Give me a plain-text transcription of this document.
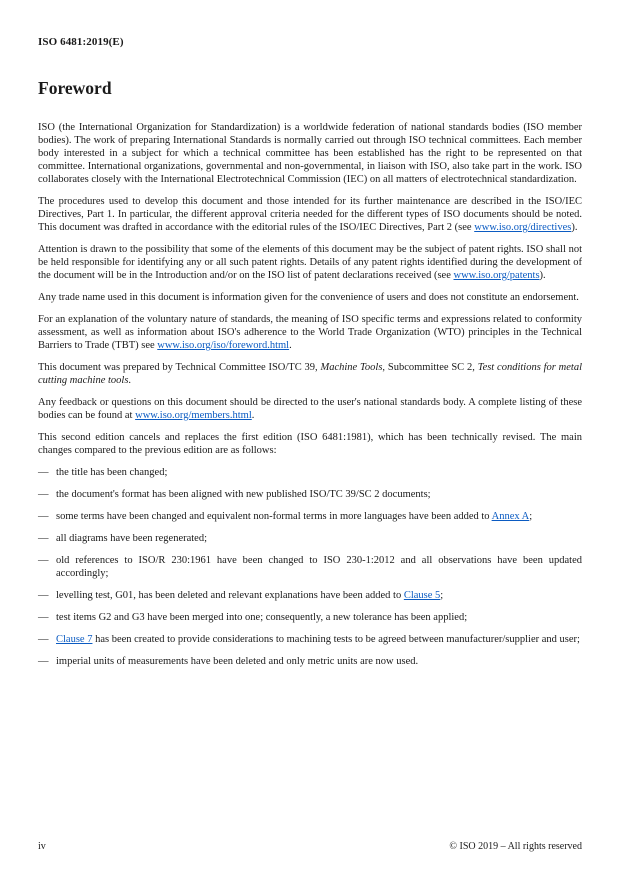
ISO 6481:2019(E)
Foreword

ISO (the International Organization for Standardization) is a worldwide federation of national standards bodies (ISO member bodies). The work of preparing International Standards is normally carried out through ISO technical committees. Each member body interested in a subject for which a technical committee has been established has the right to be represented on that committee. International organizations, governmental and non-governmental, in liaison with ISO, also take part in the work. ISO collaborates closely with the International Electrotechnical Commission (IEC) on all matters of electrotechnical standardization.

The procedures used to develop this document and those intended for its further maintenance are described in the ISO/IEC Directives, Part 1. In particular, the different approval criteria needed for the different types of ISO documents should be noted. This document was drafted in accordance with the editorial rules of the ISO/IEC Directives, Part 2 (see www.iso.org/directives).

Attention is drawn to the possibility that some of the elements of this document may be the subject of patent rights. ISO shall not be held responsible for identifying any or all such patent rights. Details of any patent rights identified during the development of the document will be in the Introduction and/or on the ISO list of patent declarations received (see www.iso.org/patents).

Any trade name used in this document is information given for the convenience of users and does not constitute an endorsement.

For an explanation of the voluntary nature of standards, the meaning of ISO specific terms and expressions related to conformity assessment, as well as information about ISO's adherence to the World Trade Organization (WTO) principles in the Technical Barriers to Trade (TBT) see www.iso.org/iso/foreword.html.

This document was prepared by Technical Committee ISO/TC 39, Machine Tools, Subcommittee SC 2, Test conditions for metal cutting machine tools.

Any feedback or questions on this document should be directed to the user's national standards body. A complete listing of these bodies can be found at www.iso.org/members.html.

This second edition cancels and replaces the first edition (ISO 6481:1981), which has been technically revised. The main changes compared to the previous edition are as follows:

— the title has been changed;

— the document's format has been aligned with new published ISO/TC 39/SC 2 documents;

— some terms have been changed and equivalent non-formal terms in more languages have been added to Annex A;

— all diagrams have been regenerated;

— old references to ISO/R 230:1961 have been changed to ISO 230-1:2012 and all observations have been updated accordingly;

— levelling test, G01, has been deleted and relevant explanations have been added to Clause 5;

— test items G2 and G3 have been merged into one; consequently, a new tolerance has been applied;

— Clause 7 has been created to provide considerations to machining tests to be agreed between manufacturer/supplier and user;

— imperial units of measurements have been deleted and only metric units are now used.

iv	© ISO 2019 – All rights reserved
